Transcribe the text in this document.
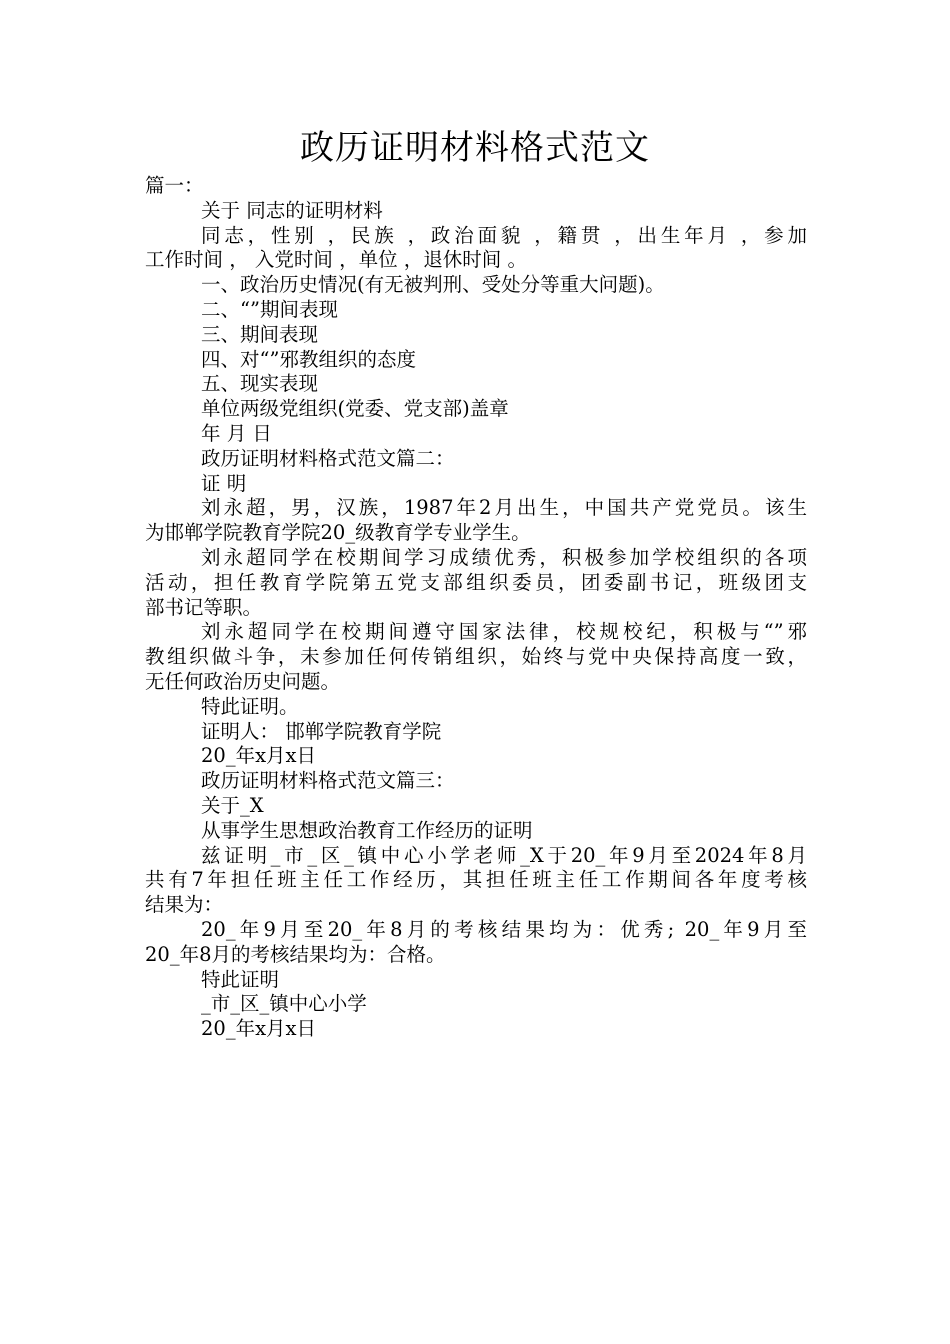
政历证明材料格式范文

篇一：

关于 同志的证明材料

同志，性别 ，民族 ，政治面貌 ，籍贯 ，出生年月 ，参加
工作时间 ， 入党时间 ，单位 ，退休时间 。

一、政治历史情况(有无被判刑、受处分等重大问题)。

二、“”期间表现

三、期间表现

四、对“”邪教组织的态度

五、现实表现

单位两级党组织(党委、党支部)盖章

年 月 日

政历证明材料格式范文篇二：

证 明

刘永超，男，汉族，1987年2月出生，中国共产党党员。该生
为邯郸学院教育学院20_级教育学专业学生。

刘永超同学在校期间学习成绩优秀，积极参加学校组织的各项
活动，担任教育学院第五党支部组织委员，团委副书记，班级团支
部书记等职。

刘永超同学在校期间遵守国家法律，校规校纪，积极与“”邪
教组织做斗争，未参加任何传销组织，始终与党中央保持高度一致，
无任何政治历史问题。

特此证明。

证明人： 邯郸学院教育学院

20_年x月x日

政历证明材料格式范文篇三：

关于_X

从事学生思想政治教育工作经历的证明

兹证明_市_区_镇中心小学老师_X于20_年9月至2024年8月
共有7年担任班主任工作经历，其担任班主任工作期间各年度考核
结果为：

20_年9月至20_年8月的考核结果均为：优秀; 20_年9月至
20_年8月的考核结果均为：合格。

特此证明

_市_区_镇中心小学

20_年x月x日
